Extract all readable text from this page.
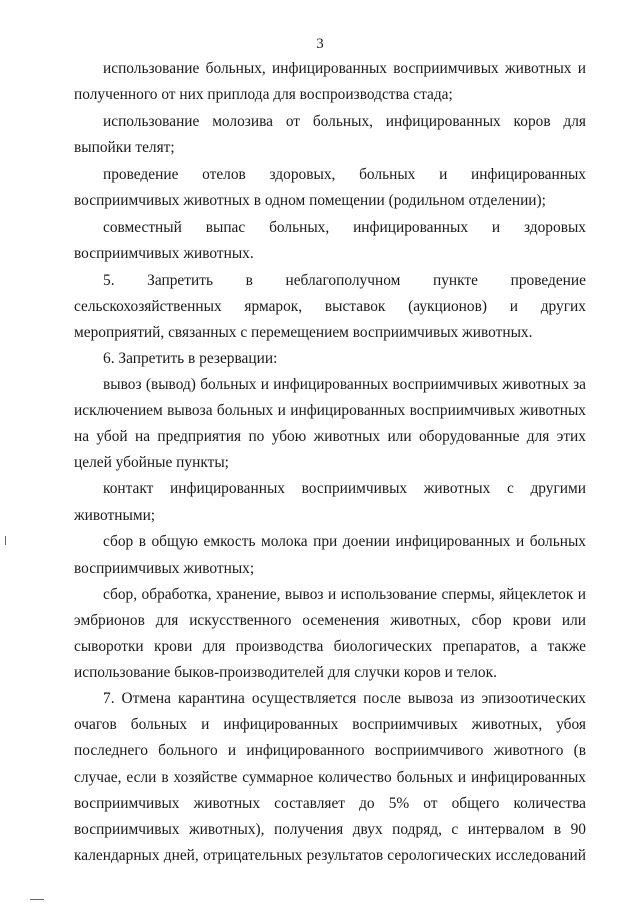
3
использование больных, инфицированных восприимчивых животных и
полученного от них приплода для воспроизводства стада;
использование молозива от больных, инфицированных коров для
выпойки телят;
проведение отелов здоровых, больных и инфицированных
восприимчивых животных в одном помещении (родильном отделении);
совместный выпас больных, инфицированных и здоровых
восприимчивых животных.
5. Запретить в неблагополучном пункте проведение
сельскохозяйственных ярмарок, выставок (аукционов) и других
мероприятий, связанных с перемещением восприимчивых животных.
6. Запретить в резервации:
вывоз (вывод) больных и инфицированных восприимчивых животных за
исключением вывоза больных и инфицированных восприимчивых животных
на убой на предприятия по убою животных или оборудованные для этих
целей убойные пункты;
контакт инфицированных восприимчивых животных с другими
животными;
сбор в общую емкость молока при доении инфицированных и больных
восприимчивых животных;
сбор, обработка, хранение, вывоз и использование спермы, яйцеклеток и
эмбрионов для искусственного осеменения животных, сбор крови или
сыворотки крови для производства биологических препаратов, а также
использование быков-производителей для случки коров и телок.
7. Отмена карантина осуществляется после вывоза из эпизоотических
очагов больных и инфицированных восприимчивых животных, убоя
последнего больного и инфицированного восприимчивого животного (в
случае, если в хозяйстве суммарное количество больных и инфицированных
восприимчивых животных составляет до 5% от общего количества
восприимчивых животных), получения двух подряд, с интервалом в 90
календарных дней, отрицательных результатов серологических исследований
